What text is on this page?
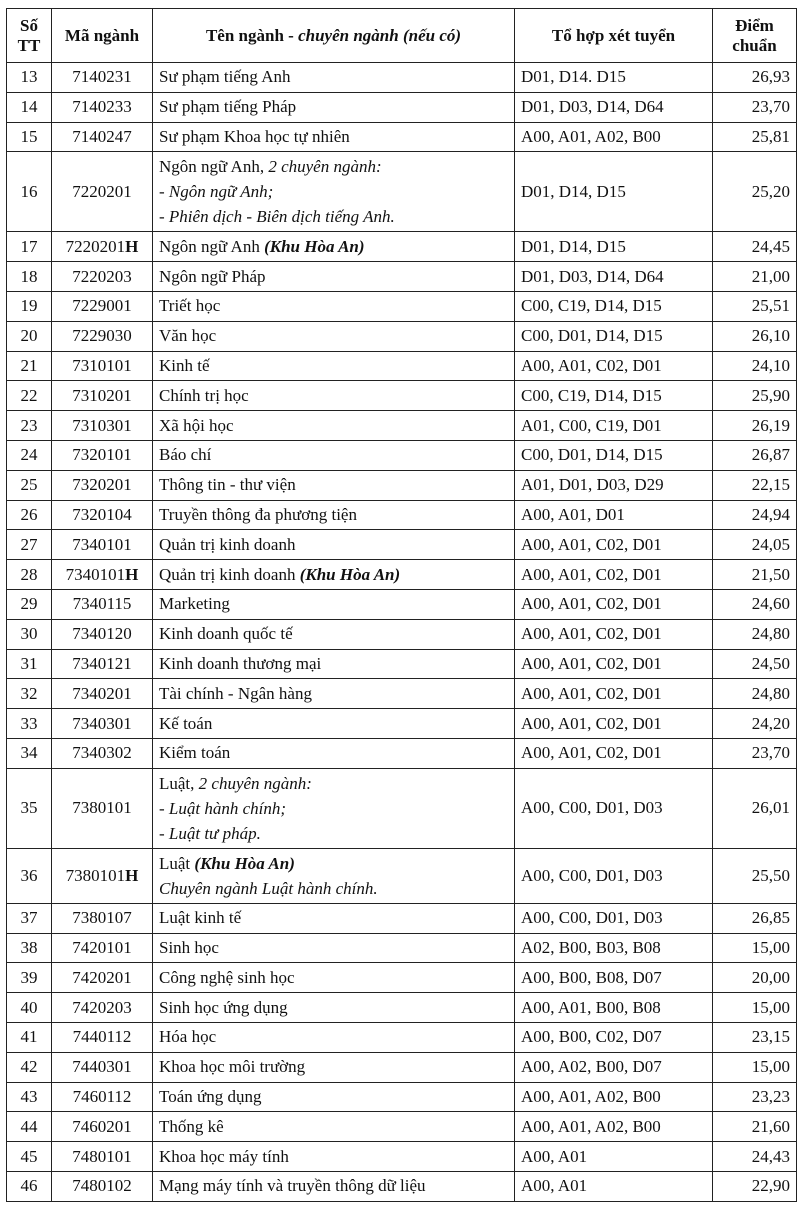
Số TT	Mã ngành	Tên ngành - chuyên ngành (nếu có)	Tổ hợp xét tuyển	Điểm chuẩn
13	7140231	Sư phạm tiếng Anh	D01, D14. D15	26,93
14	7140233	Sư phạm tiếng Pháp	D01, D03, D14, D64	23,70
15	7140247	Sư phạm Khoa học tự nhiên	A00, A01, A02, B00	25,81
16	7220201	Ngôn ngữ Anh, 2 chuyên ngành:
- Ngôn ngữ Anh;
- Phiên dịch - Biên dịch tiếng Anh.	D01, D14, D15	25,20
17	7220201H	Ngôn ngữ Anh (Khu Hòa An)	D01, D14, D15	24,45
18	7220203	Ngôn ngữ Pháp	D01, D03, D14, D64	21,00
19	7229001	Triết học	C00, C19, D14, D15	25,51
20	7229030	Văn học	C00, D01, D14, D15	26,10
21	7310101	Kinh tế	A00, A01, C02, D01	24,10
22	7310201	Chính trị học	C00, C19, D14, D15	25,90
23	7310301	Xã hội học	A01, C00, C19, D01	26,19
24	7320101	Báo chí	C00, D01, D14, D15	26,87
25	7320201	Thông tin - thư viện	A01, D01, D03, D29	22,15
26	7320104	Truyền thông đa phương tiện	A00, A01, D01	24,94
27	7340101	Quản trị kinh doanh	A00, A01, C02, D01	24,05
28	7340101H	Quản trị kinh doanh (Khu Hòa An)	A00, A01, C02, D01	21,50
29	7340115	Marketing	A00, A01, C02, D01	24,60
30	7340120	Kinh doanh quốc tế	A00, A01, C02, D01	24,80
31	7340121	Kinh doanh thương mại	A00, A01, C02, D01	24,50
32	7340201	Tài chính - Ngân hàng	A00, A01, C02, D01	24,80
33	7340301	Kế toán	A00, A01, C02, D01	24,20
34	7340302	Kiểm toán	A00, A01, C02, D01	23,70
35	7380101	Luật, 2 chuyên ngành:
- Luật hành chính;
- Luật tư pháp.	A00, C00, D01, D03	26,01
36	7380101H	Luật (Khu Hòa An)
Chuyên ngành Luật hành chính.	A00, C00, D01, D03	25,50
37	7380107	Luật kinh tế	A00, C00, D01, D03	26,85
38	7420101	Sinh học	A02, B00, B03, B08	15,00
39	7420201	Công nghệ sinh học	A00, B00, B08, D07	20,00
40	7420203	Sinh học ứng dụng	A00, A01, B00, B08	15,00
41	7440112	Hóa học	A00, B00, C02, D07	23,15
42	7440301	Khoa học môi trường	A00, A02, B00, D07	15,00
43	7460112	Toán ứng dụng	A00, A01, A02, B00	23,23
44	7460201	Thống kê	A00, A01, A02, B00	21,60
45	7480101	Khoa học máy tính	A00, A01	24,43
46	7480102	Mạng máy tính và truyền thông dữ liệu	A00, A01	22,90
